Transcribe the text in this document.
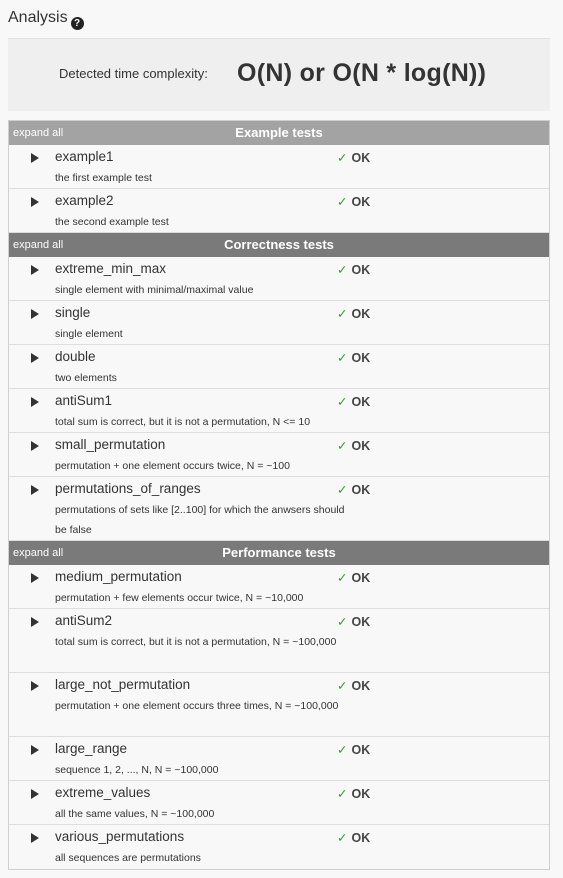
Analysis ?
Detected time complexity: O(N) or O(N * log(N))
expand all	Example tests
example1	✓ OK
the first example test
example2	✓ OK
the second example test
expand all	Correctness tests
extreme_min_max	✓ OK
single element with minimal/maximal value
single	✓ OK
single element
double	✓ OK
two elements
antiSum1	✓ OK
total sum is correct, but it is not a permutation, N <= 10
small_permutation	✓ OK
permutation + one element occurs twice, N = ~100
permutations_of_ranges	✓ OK
permutations of sets like [2..100] for which the anwsers should be false
expand all	Performance tests
medium_permutation	✓ OK
permutation + few elements occur twice, N = ~10,000
antiSum2	✓ OK
total sum is correct, but it is not a permutation, N = ~100,000
large_not_permutation	✓ OK
permutation + one element occurs three times, N = ~100,000
large_range	✓ OK
sequence 1, 2, ..., N, N = ~100,000
extreme_values	✓ OK
all the same values, N = ~100,000
various_permutations	✓ OK
all sequences are permutations
